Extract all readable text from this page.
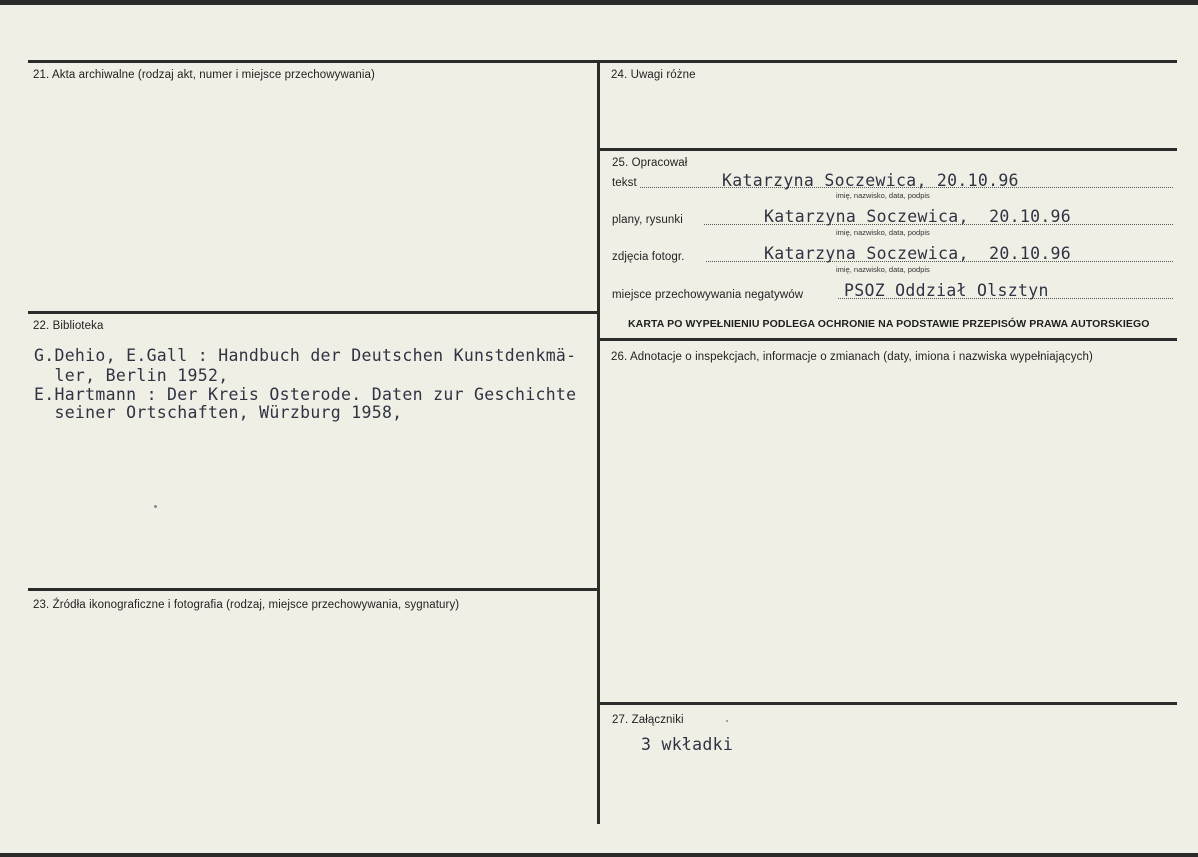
21. Akta archiwalne (rodzaj akt, numer i miejsce przechowywania)
22. Biblioteka
G.Dehio, E.Gall : Handbuch der Deutschen Kunstdenkmä-
ler, Berlin 1952,
E.Hartmann : Der Kreis Osterode. Daten zur Geschichte
seiner Ortschaften, Würzburg 1958,
23. Źródła ikonograficzne i fotografia (rodzaj, miejsce przechowywania, sygnatury)
24. Uwagi różne
25. Opracował
tekst	Katarzyna Soczewica, 20.10.96
imię, nazwisko, data, podpis
plany, rysunki	Katarzyna Soczewica,  20.10.96
imię, nazwisko, data, podpis
zdjęcia fotogr.	Katarzyna Soczewica,  20.10.96
imię, nazwisko, data, podpis
miejsce przechowywania negatywów PSOZ Oddział Olsztyn
KARTA PO WYPEŁNIENIU PODLEGA OCHRONIE NA PODSTAWIE PRZEPISÓW PRAWA AUTORSKIEGO
26. Adnotacje o inspekcjach, informacje o zmianach (daty, imiona i nazwiska wypełniających)
27. Załączniki
3 wkładki
